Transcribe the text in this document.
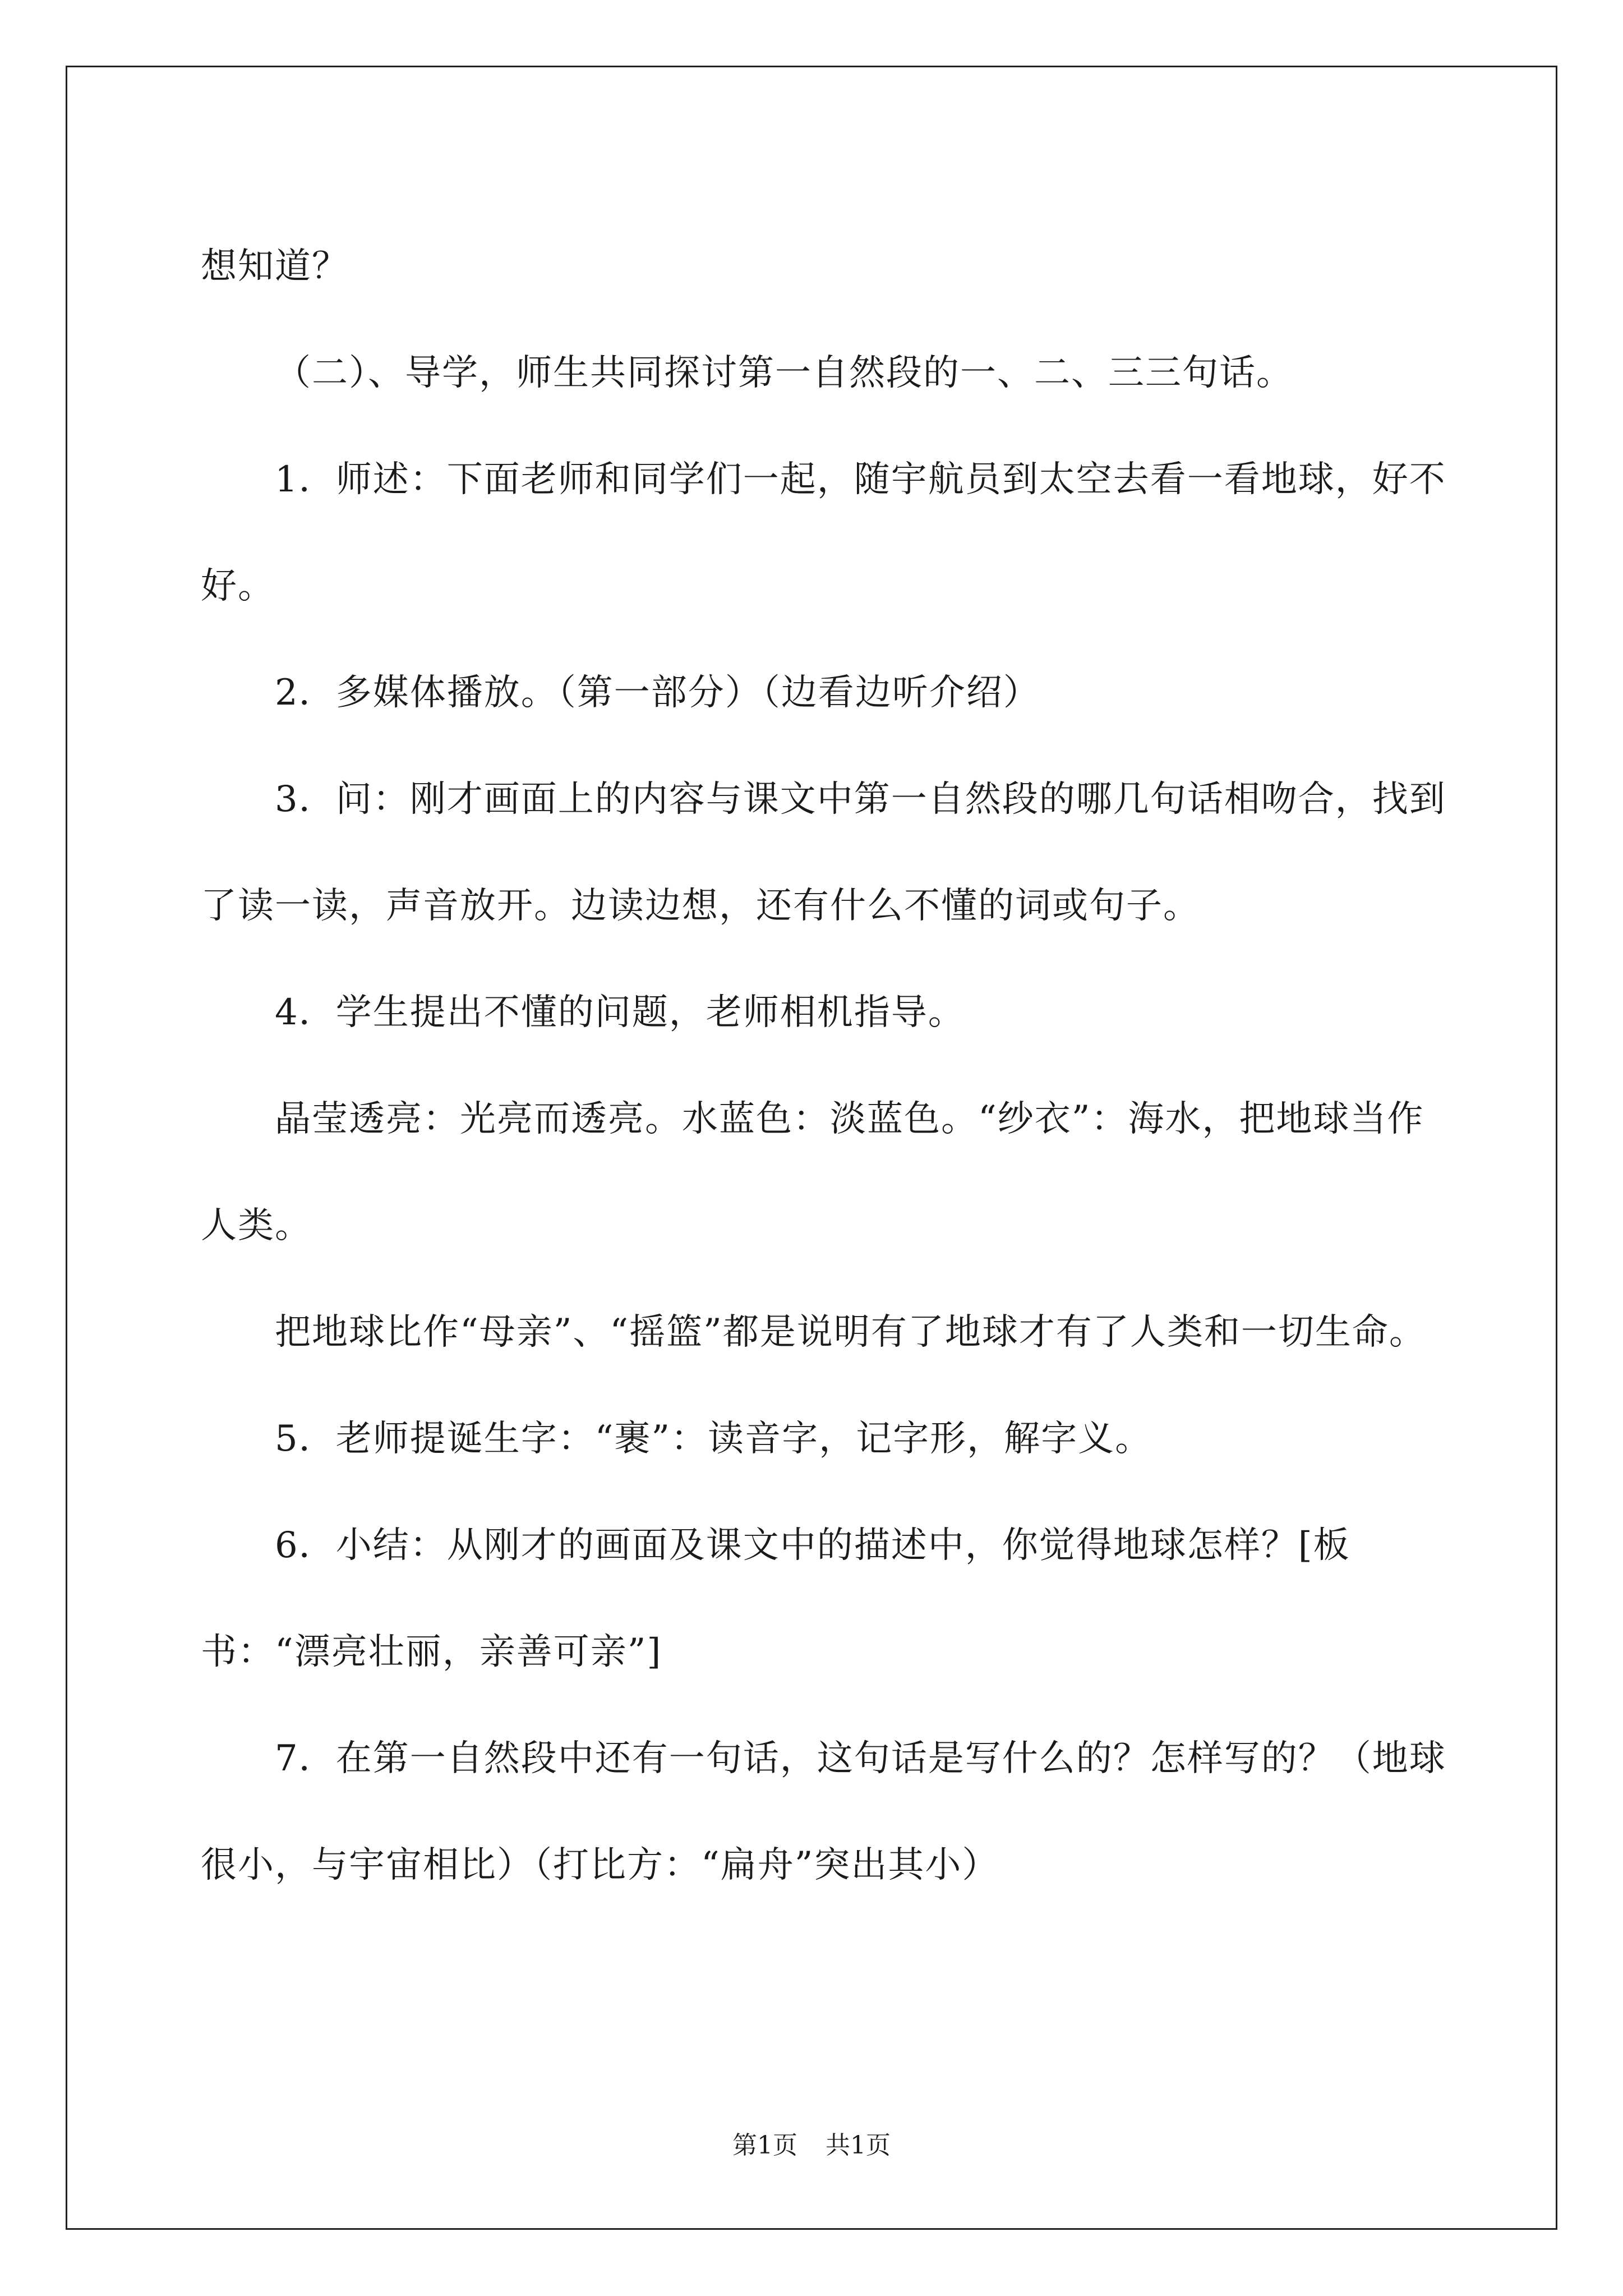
想知道？

（二）、导学，师生共同探讨第一自然段的一、二、三三句话。

1．师述：下面老师和同学们一起，随宇航员到太空去看一看地球，好不好。

2．多媒体播放。（第一部分）（边看边听介绍）

3．问：刚才画面上的内容与课文中第一自然段的哪几句话相吻合，找到了读一读，声音放开。边读边想，还有什么不懂的词或句子。

4．学生提出不懂的问题，老师相机指导。

晶莹透亮：光亮而透亮。水蓝色：淡蓝色。“纱衣”：海水，把地球当作人类。

把地球比作“母亲”、“摇篮”都是说明有了地球才有了人类和一切生命。

5．老师提诞生字：“裹”：读音字，记字形，解字义。

6．小结：从刚才的画面及课文中的描述中，你觉得地球怎样？[板书：“漂亮壮丽，亲善可亲”]

7．在第一自然段中还有一句话，这句话是写什么的？怎样写的？（地球很小，与宇宙相比）（打比方：“扁舟”突出其小）

第1页 共1页
